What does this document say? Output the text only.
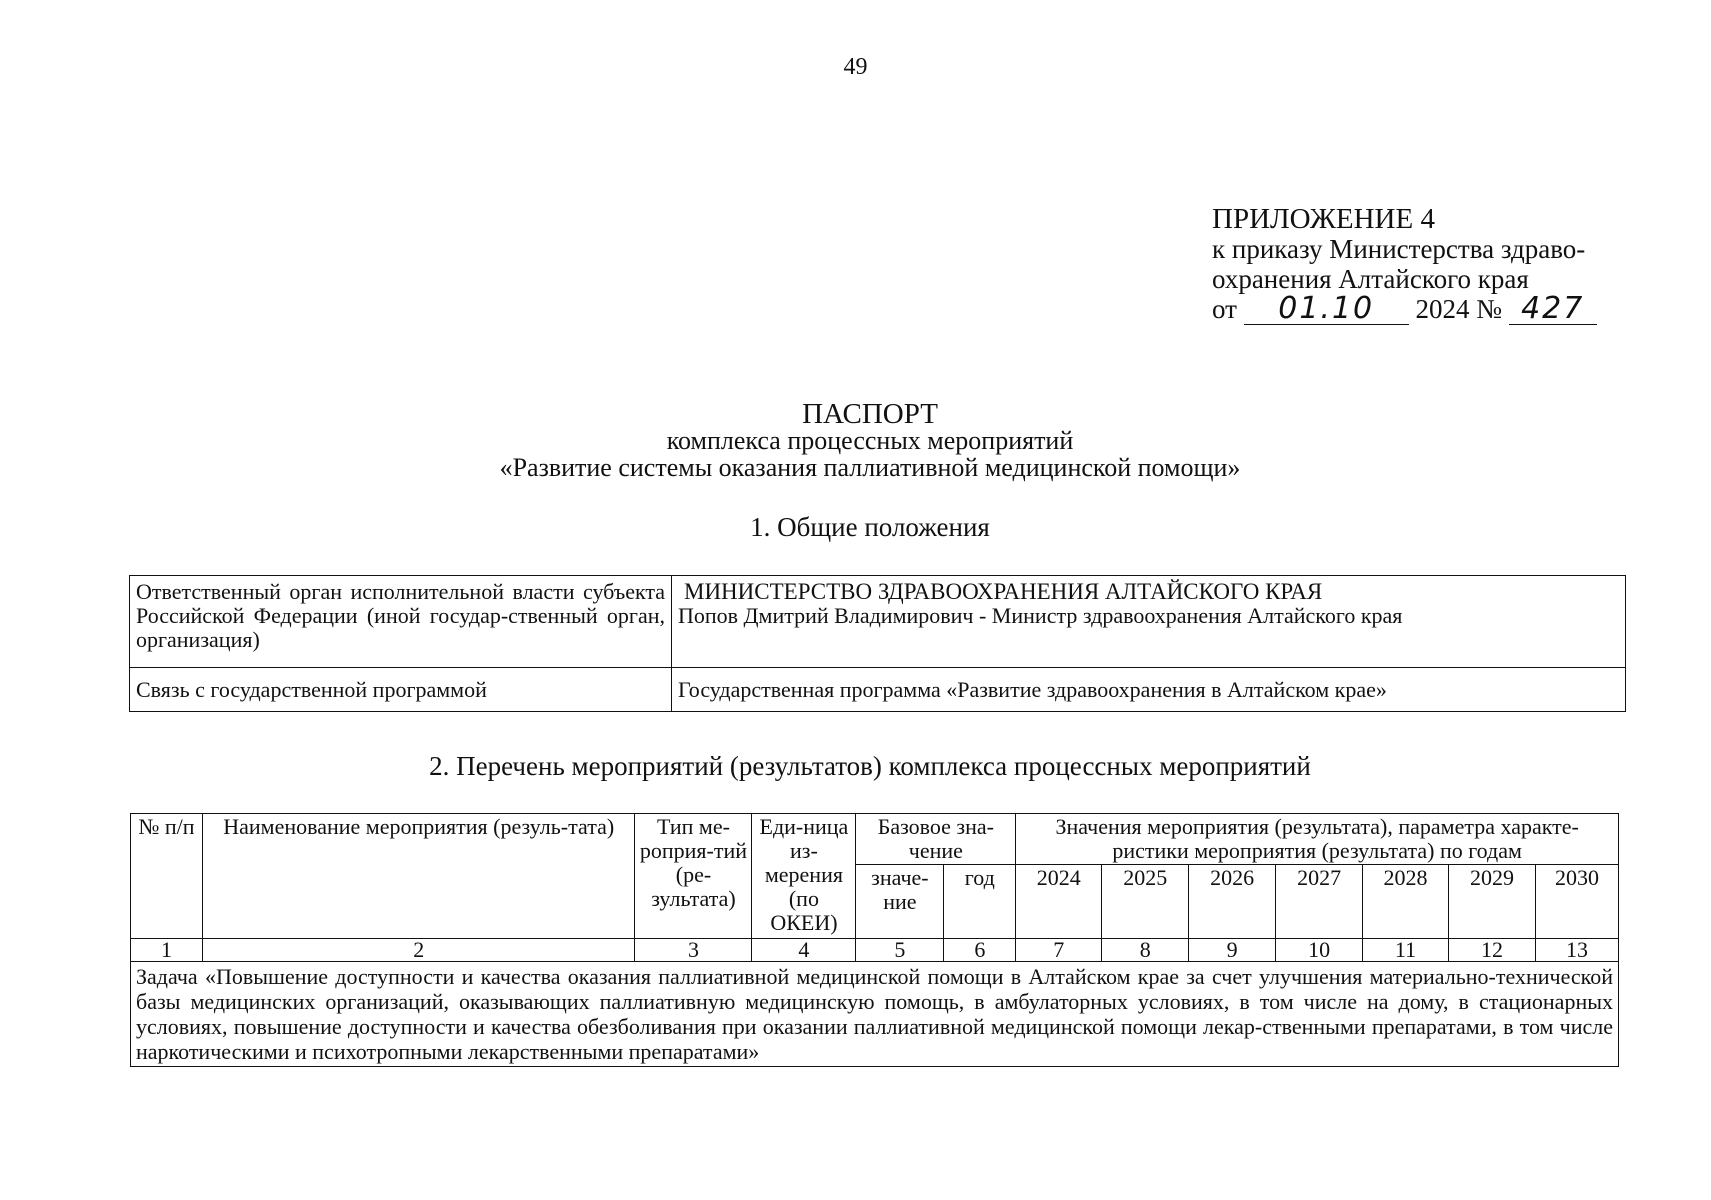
49
ПРИЛОЖЕНИЕ 4
к приказу Министерства здраво-
охранения Алтайского края
от 01.10 2024 № 427
ПАСПОРТ
комплекса процессных мероприятий
«Развитие системы оказания паллиативной медицинской помощи»
1. Общие положения
Ответственный орган исполнительной власти субъекта Российской Федерации (иной государ-ственный орган, организация)	МИНИСТЕРСТВО ЗДРАВООХРАНЕНИЯ АЛТАЙСКОГО КРАЯ
Попов Дмитрий Владимирович - Министр здравоохранения Алтайского края

Связь с государственной программой	Государственная программа «Развитие здравоохранения в Алтайском крае»
2. Перечень мероприятий (результатов) комплекса процессных мероприятий
№ п/п	Наименование мероприятия (резуль-тата)	Тип ме-роприя-тий (ре-зультата)	Еди-ница из-мерения (по ОКЕИ)	Базовое зна-чение		Значения мероприятия (результата), параметра характе-ристики мероприятия (результата) по годам						
				значе-ние	год	2024	2025	2026	2027	2028	2029	2030
1	2	3	4	5	6	7	8	9	10	11	12	13
Задача «Повышение доступности и качества оказания паллиативной медицинской помощи в Алтайском крае за счет улучшения материально-технической базы медицинских организаций, оказывающих паллиативную медицинскую помощь, в амбулаторных условиях, в том числе на дому, в стационарных условиях, повышение доступности и качества обезболивания при оказании паллиативной медицинской помощи лекар-ственными препаратами, в том числе наркотическими и психотропными лекарственными препаратами»												
